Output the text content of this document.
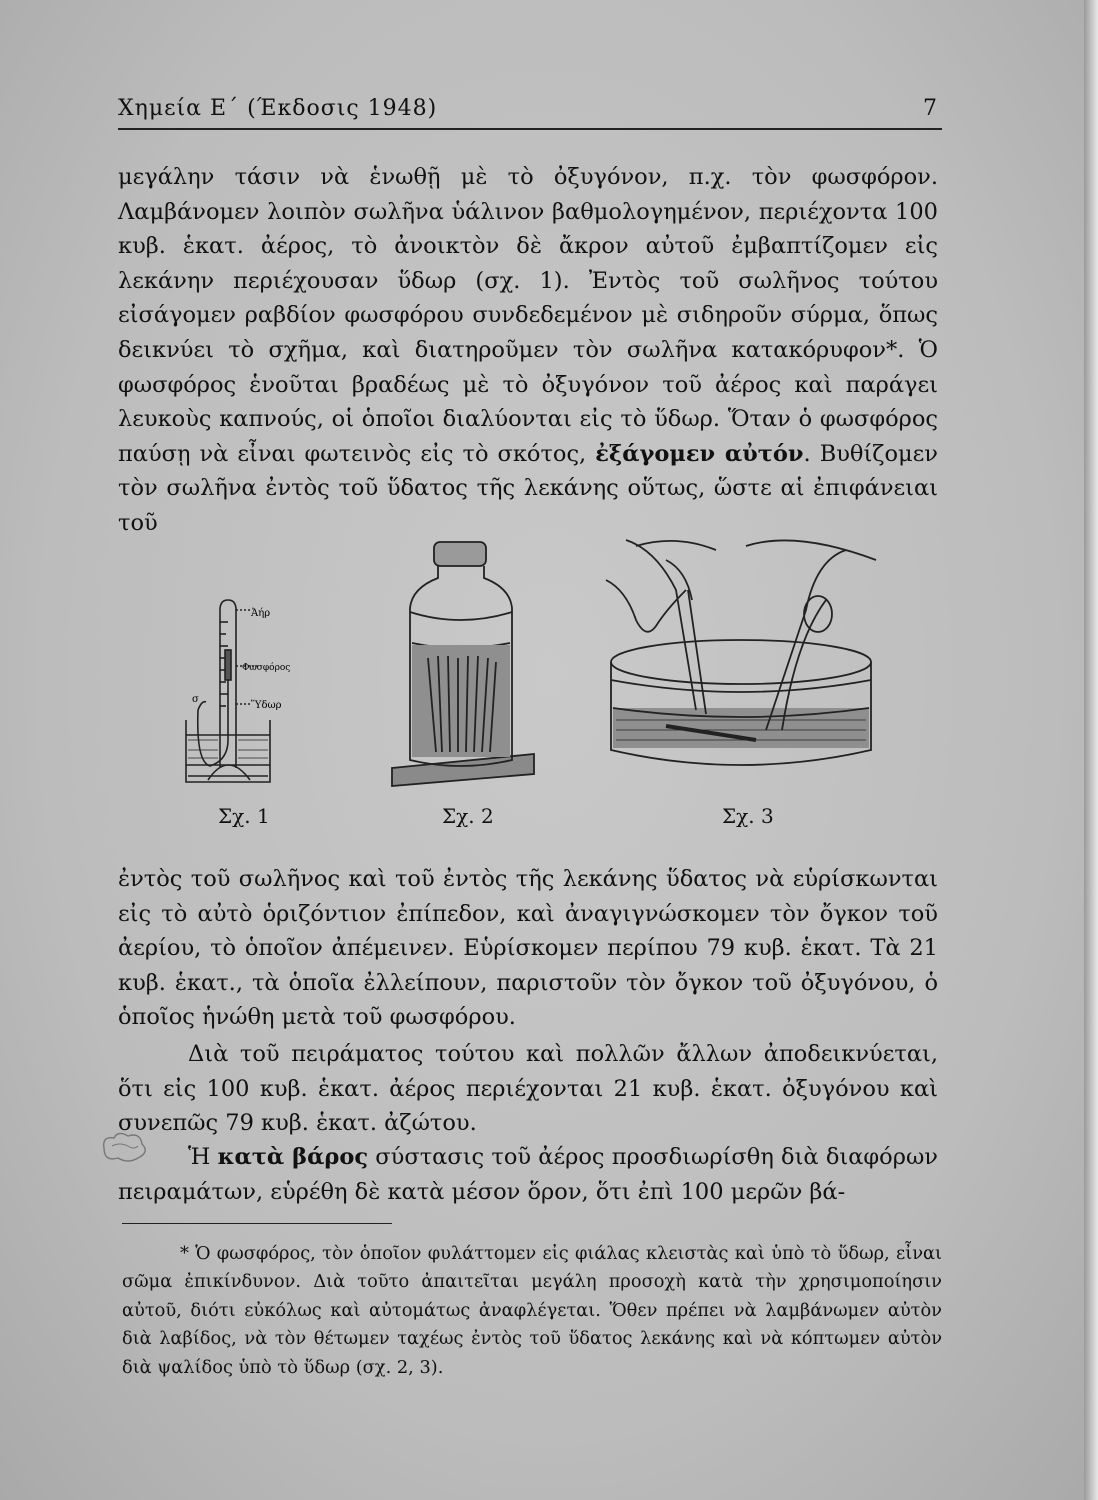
Χημεία Ε΄ (Έκδοσις 1948)	7

μεγάλην τάσιν νὰ ἑνωθῇ μὲ τὸ ὀξυγόνον, π.χ. τὸν φωσφόρον. Λαμβάνομεν λοιπὸν σωλῆνα ὑάλινον βαθμολογημένον, περιέχοντα 100 κυβ. ἑκατ. ἀέρος, τὸ ἀνοικτὸν δὲ ἄκρον αὐτοῦ ἐμβαπτίζομεν εἰς λεκάνην περιέχουσαν ὕδωρ (σχ. 1). Ἐντὸς τοῦ σωλῆνος τούτου εἰσάγομεν ραβδίον φωσφόρου συνδεδεμένον μὲ σιδηροῦν σύρμα, ὅπως δεικνύει τὸ σχῆμα, καὶ διατηροῦμεν τὸν σωλῆνα κατακόρυφον*. Ὁ φωσφόρος ἑνοῦται βραδέως μὲ τὸ ὀξυγόνον τοῦ ἀέρος καὶ παράγει λευκοὺς καπνούς, οἱ ὁποῖοι διαλύονται εἰς τὸ ὕδωρ. Ὅταν ὁ φωσφόρος παύσῃ νὰ εἶναι φωτεινὸς εἰς τὸ σκότος, ἐξάγομεν αὐτόν. Βυθίζομεν τὸν σωλῆνα ἐντὸς τοῦ ὕδατος τῆς λεκάνης οὕτως, ὥστε αἱ ἐπιφάνειαι τοῦ

Ἀήρ
Φωσφόρος
Ὕδωρ
σ
Σχ. 1	Σχ. 2	Σχ. 3

ἐντὸς τοῦ σωλῆνος καὶ τοῦ ἐντὸς τῆς λεκάνης ὕδατος νὰ εὑρίσκωνται εἰς τὸ αὐτὸ ὁριζόντιον ἐπίπεδον, καὶ ἀναγιγνώσκομεν τὸν ὄγκον τοῦ ἀερίου, τὸ ὁποῖον ἀπέμεινεν. Εὑρίσκομεν περίπου 79 κυβ. ἑκατ. Τὰ 21 κυβ. ἑκατ., τὰ ὁποῖα ἐλλείπουν, παριστοῦν τὸν ὄγκον τοῦ ὀξυγόνου, ὁ ὁποῖος ἡνώθη μετὰ τοῦ φωσφόρου.

Διὰ τοῦ πειράματος τούτου καὶ πολλῶν ἄλλων ἀποδεικνύεται, ὅτι εἰς 100 κυβ. ἑκατ. ἀέρος περιέχονται 21 κυβ. ἑκατ. ὀξυγόνου καὶ συνεπῶς 79 κυβ. ἑκατ. ἀζώτου.

Ἡ κατὰ βάρος σύστασις τοῦ ἀέρος προσδιωρίσθη διὰ διαφόρων πειραμάτων, εὑρέθη δὲ κατὰ μέσον ὅρον, ὅτι ἐπὶ 100 μερῶν βά-

* Ὁ φωσφόρος, τὸν ὁποῖον φυλάττομεν εἰς φιάλας κλειστὰς καὶ ὑπὸ τὸ ὕδωρ, εἶναι σῶμα ἐπικίνδυνον. Διὰ τοῦτο ἀπαιτεῖται μεγάλη προσοχὴ κατὰ τὴν χρησιμοποίησιν αὐτοῦ, διότι εὐκόλως καὶ αὐτομάτως ἀναφλέγεται. Ὅθεν πρέπει νὰ λαμβάνωμεν αὐτὸν διὰ λαβίδος, νὰ τὸν θέτωμεν ταχέως ἐντὸς τοῦ ὕδατος λεκάνης καὶ νὰ κόπτωμεν αὐτὸν διὰ ψαλίδος ὑπὸ τὸ ὕδωρ (σχ. 2, 3).
